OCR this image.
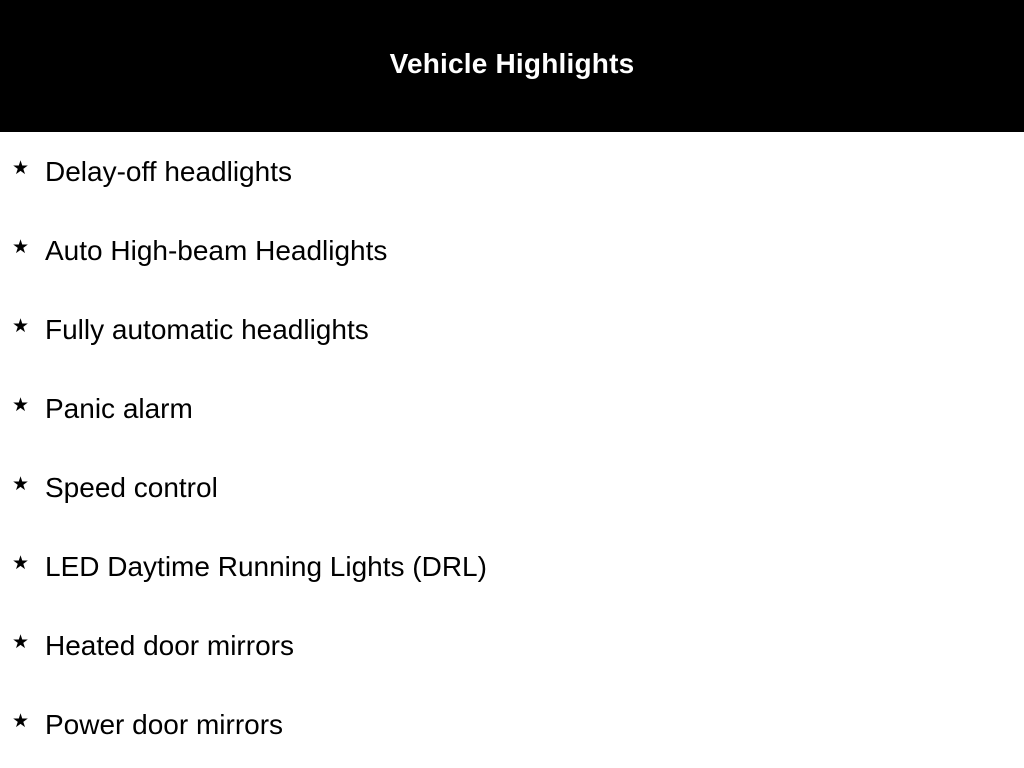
Vehicle Highlights
★ Delay-off headlights
★ Auto High-beam Headlights
★ Fully automatic headlights
★ Panic alarm
★ Speed control
★ LED Daytime Running Lights (DRL)
★ Heated door mirrors
★ Power door mirrors
